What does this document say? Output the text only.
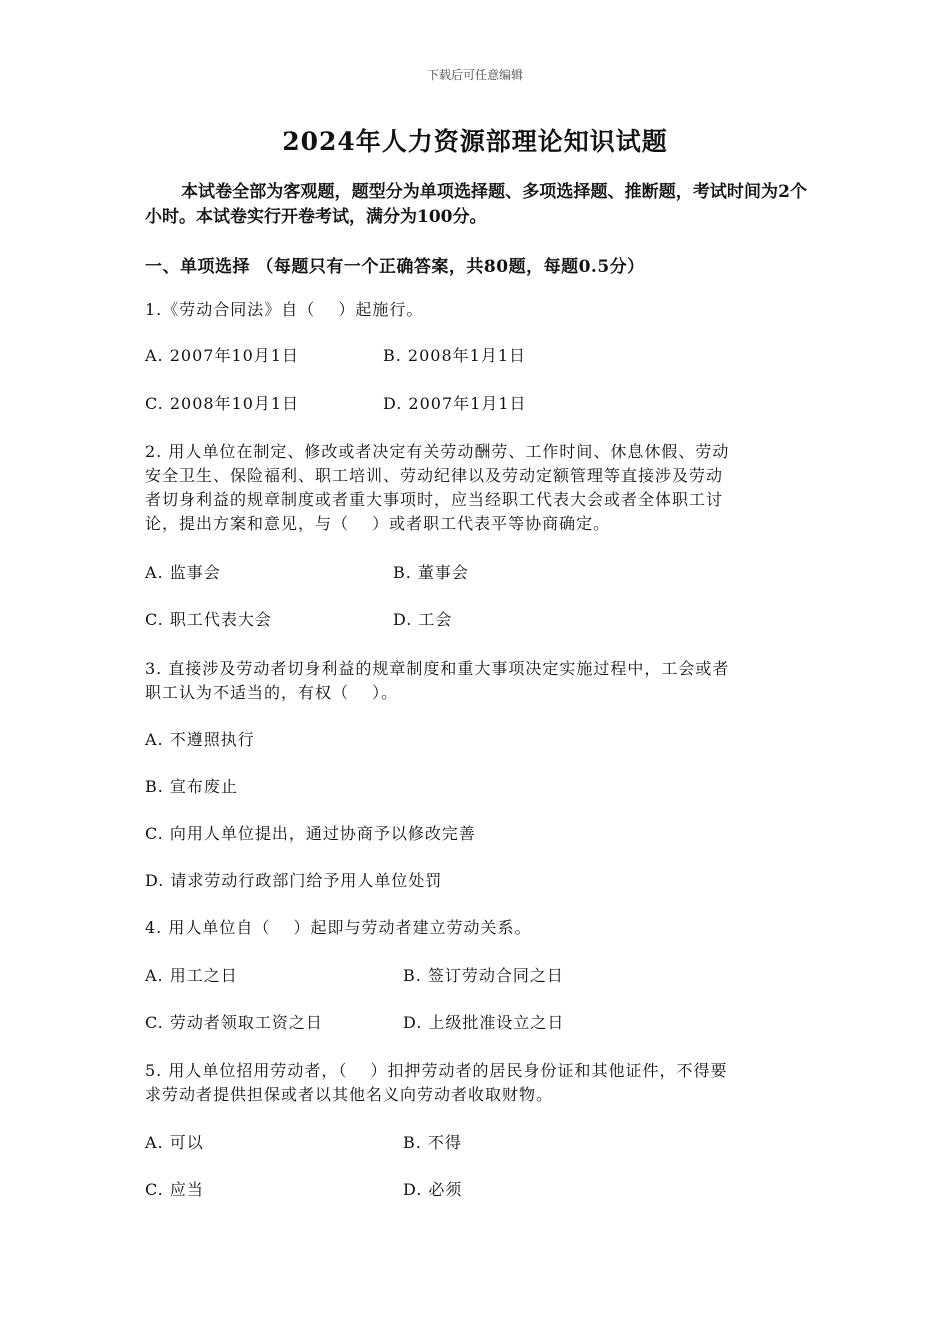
下载后可任意编辑
2024年人力资源部理论知识试题
本试卷全部为客观题，题型分为单项选择题、多项选择题、推断题，考试时间为2个小时。本试卷实行开卷考试，满分为100分。
一、单项选择 （每题只有一个正确答案，共80题，每题0.5分）
1.《劳动合同法》自（　 ）起施行。
A. 2007年10月1日	B. 2008年1月1日
C. 2008年10月1日	D. 2007年1月1日
2. 用人单位在制定、修改或者决定有关劳动酬劳、工作时间、休息休假、劳动
安全卫生、保险福利、职工培训、劳动纪律以及劳动定额管理等直接涉及劳动
者切身利益的规章制度或者重大事项时，应当经职工代表大会或者全体职工讨
论，提出方案和意见，与（　 ）或者职工代表平等协商确定。
A. 监事会	B. 董事会
C. 职工代表大会	D. 工会
3. 直接涉及劳动者切身利益的规章制度和重大事项决定实施过程中，工会或者
职工认为不适当的，有权（　 ）。
A. 不遵照执行
B. 宣布废止
C. 向用人单位提出，通过协商予以修改完善
D. 请求劳动行政部门给予用人单位处罚
4. 用人单位自（　 ）起即与劳动者建立劳动关系。
A. 用工之日	B. 签订劳动合同之日
C. 劳动者领取工资之日	D. 上级批准设立之日
5. 用人单位招用劳动者，（　 ）扣押劳动者的居民身份证和其他证件，不得要
求劳动者提供担保或者以其他名义向劳动者收取财物。
A. 可以	B. 不得
C. 应当	D. 必须
